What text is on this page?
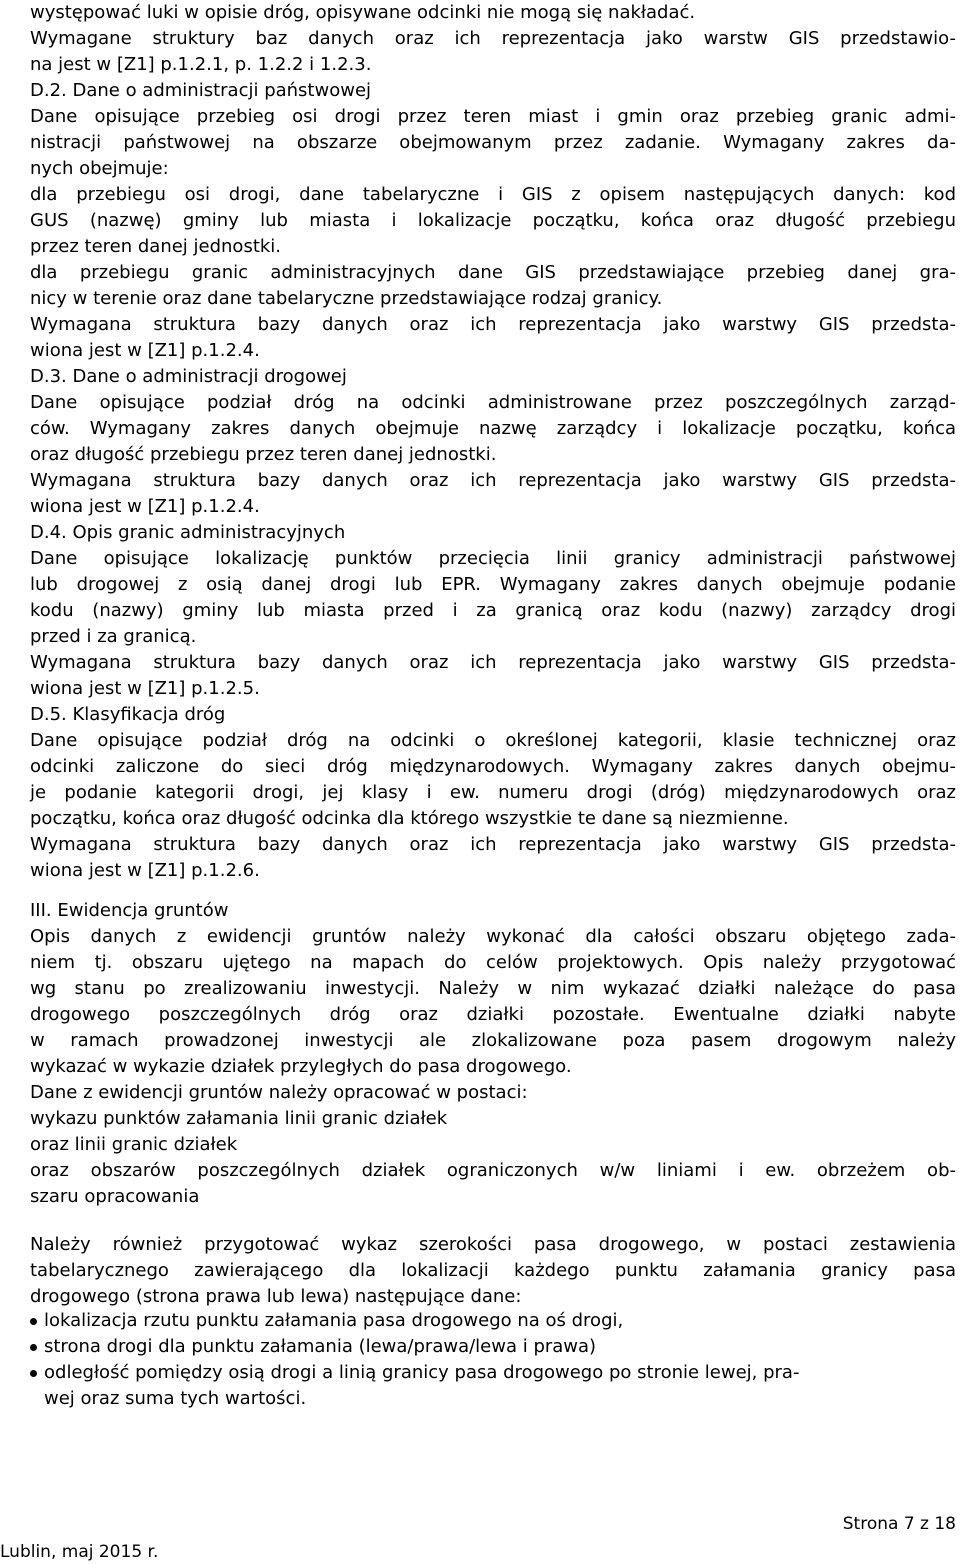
występować luki w opisie dróg, opisywane odcinki nie mogą się nakładać.
Wymagane struktury baz danych oraz ich reprezentacja jako warstw GIS przedstawio-
na jest w [Z1] p.1.2.1, p. 1.2.2 i 1.2.3.
D.2. Dane o administracji państwowej
Dane opisujące przebieg osi drogi przez teren miast i gmin oraz przebieg granic admi-
nistracji państwowej na obszarze obejmowanym przez zadanie. Wymagany zakres da-
nych obejmuje:
dla przebiegu osi drogi, dane tabelaryczne i GIS z opisem następujących danych: kod
GUS (nazwę) gminy lub miasta i lokalizacje początku, końca oraz długość przebiegu
przez teren danej jednostki.
dla przebiegu granic administracyjnych dane GIS przedstawiające przebieg danej gra-
nicy w terenie oraz dane tabelaryczne przedstawiające rodzaj granicy.
Wymagana struktura bazy danych oraz ich reprezentacja jako warstwy GIS przedsta-
wiona jest w [Z1] p.1.2.4.
D.3. Dane o administracji drogowej
Dane opisujące podział dróg na odcinki administrowane przez poszczególnych zarząd-
ców. Wymagany zakres danych obejmuje nazwę zarządcy i lokalizacje początku, końca
oraz długość przebiegu przez teren danej jednostki.
Wymagana struktura bazy danych oraz ich reprezentacja jako warstwy GIS przedsta-
wiona jest w [Z1] p.1.2.4.
D.4. Opis granic administracyjnych
Dane opisujące lokalizację punktów przecięcia linii granicy administracji państwowej
lub drogowej z osią danej drogi lub EPR. Wymagany zakres danych obejmuje podanie
kodu (nazwy) gminy lub miasta przed i za granicą oraz kodu (nazwy) zarządcy drogi
przed i za granicą.
Wymagana struktura bazy danych oraz ich reprezentacja jako warstwy GIS przedsta-
wiona jest w [Z1] p.1.2.5.
D.5. Klasyfikacja dróg
Dane opisujące podział dróg na odcinki o określonej kategorii, klasie technicznej oraz
odcinki zaliczone do sieci dróg międzynarodowych. Wymagany zakres danych obejmu-
je podanie kategorii drogi, jej klasy i ew. numeru drogi (dróg) międzynarodowych oraz
początku, końca oraz długość odcinka dla którego wszystkie te dane są niezmienne.
Wymagana struktura bazy danych oraz ich reprezentacja jako warstwy GIS przedsta-
wiona jest w [Z1] p.1.2.6.
III. Ewidencja gruntów
Opis danych z ewidencji gruntów należy wykonać dla całości obszaru objętego zada-
niem tj. obszaru ujętego na mapach do celów projektowych. Opis należy przygotować
wg stanu po zrealizowaniu inwestycji. Należy w nim wykazać działki należące do pasa
drogowego poszczególnych dróg oraz działki pozostałe. Ewentualne działki nabyte
w ramach prowadzonej inwestycji ale zlokalizowane poza pasem drogowym należy
wykazać w wykazie działek przyległych do pasa drogowego.
Dane z ewidencji gruntów należy opracować w postaci:
wykazu punktów załamania linii granic działek
oraz linii granic działek
oraz obszarów poszczególnych działek ograniczonych w/w liniami i ew. obrzeżem ob-
szaru opracowania
Należy również przygotować wykaz szerokości pasa drogowego, w postaci zestawienia
tabelarycznego zawierającego dla lokalizacji każdego punktu załamania granicy pasa
drogowego (strona prawa lub lewa) następujące dane:
lokalizacja rzutu punktu załamania pasa drogowego na oś drogi,
strona drogi dla punktu załamania (lewa/prawa/lewa i prawa)
odległość pomiędzy osią drogi a linią granicy pasa drogowego po stronie lewej, pra-
wej oraz suma tych wartości.
Strona 7 z 18
Lublin, maj 2015 r.
